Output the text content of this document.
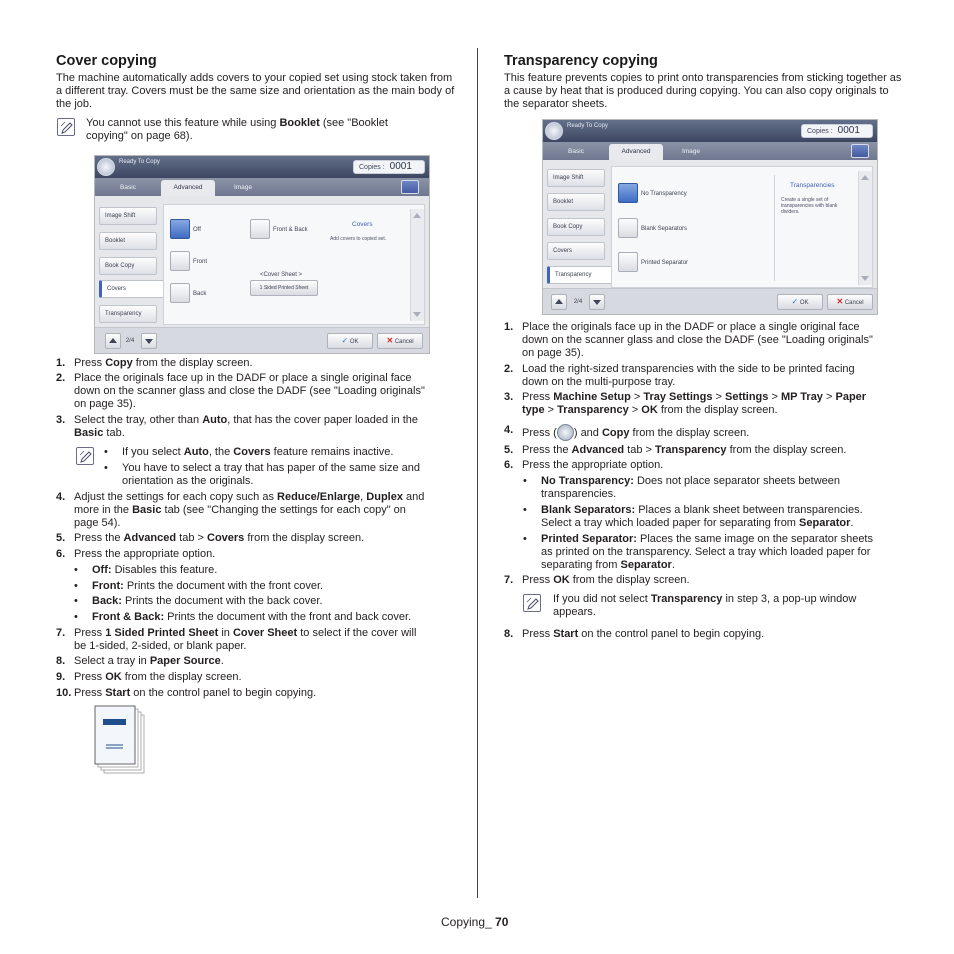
Cover copying
The machine automatically adds covers to your copied set using stock taken from a different tray. Covers must be the same size and orientation as the main body of the job.
You cannot use this feature while using Booklet (see "Booklet copying" on page 68).
Ready To Copy
Copies : 0001
Basic	Advanced	Image
Image Shift
Booklet
Book Copy
Covers
Transparency
Off
Front
Back
Front & Back
<Cover Sheet >
1 Sided Printed Sheet
Covers
Add covers to copied set.
2/4	✓ OK	✕ Cancel
1. Press Copy from the display screen.
2. Place the originals face up in the DADF or place a single original face
down on the scanner glass and close the DADF (see "Loading originals"
on page 35).
3. Select the tray, other than Auto, that has the cover paper loaded in the
Basic tab.
• If you select Auto, the Covers feature remains inactive.
• You have to select a tray that has paper of the same size and
orientation as the originals.
4. Adjust the settings for each copy such as Reduce/Enlarge, Duplex and
more in the Basic tab (see "Changing the settings for each copy" on
page 54).
5. Press the Advanced tab > Covers from the display screen.
6. Press the appropriate option.
• Off: Disables this feature.
• Front: Prints the document with the front cover.
• Back: Prints the document with the back cover.
• Front & Back: Prints the document with the front and back cover.
7. Press 1 Sided Printed Sheet in Cover Sheet to select if the cover will
be 1-sided, 2-sided, or blank paper.
8. Select a tray in Paper Source.
9. Press OK from the display screen.
10. Press Start on the control panel to begin copying.
Transparency copying
This feature prevents copies to print onto transparencies from sticking together as a cause by heat that is produced during copying. You can also copy originals to the separator sheets.
Ready To Copy
Copies : 0001
Basic	Advanced	Image
Image Shift
Booklet
Book Copy
Covers
Transparency
No Transparency
Blank Separators
Printed Separator
Transparencies
Create a single set of transparencies with blank dividers.
2/4	✓ OK	✕ Cancel
1. Place the originals face up in the DADF or place a single original face
down on the scanner glass and close the DADF (see "Loading originals"
on page 35).
2. Load the right-sized transparencies with the side to be printed facing
down on the multi-purpose tray.
3. Press Machine Setup > Tray Settings > Settings > MP Tray > Paper
type > Transparency > OK from the display screen.
4. Press ( ) and Copy from the display screen.
5. Press the Advanced tab > Transparency from the display screen.
6. Press the appropriate option.
• No Transparency: Does not place separator sheets between
transparencies.
• Blank Separators: Places a blank sheet between transparencies.
Select a tray which loaded paper for separating from Separator.
• Printed Separator: Places the same image on the separator sheets
as printed on the transparency. Select a tray which loaded paper for
separating from Separator.
7. Press OK from the display screen.
If you did not select Transparency in step 3, a pop-up window
appears.
8. Press Start on the control panel to begin copying.
Copying_ 70
